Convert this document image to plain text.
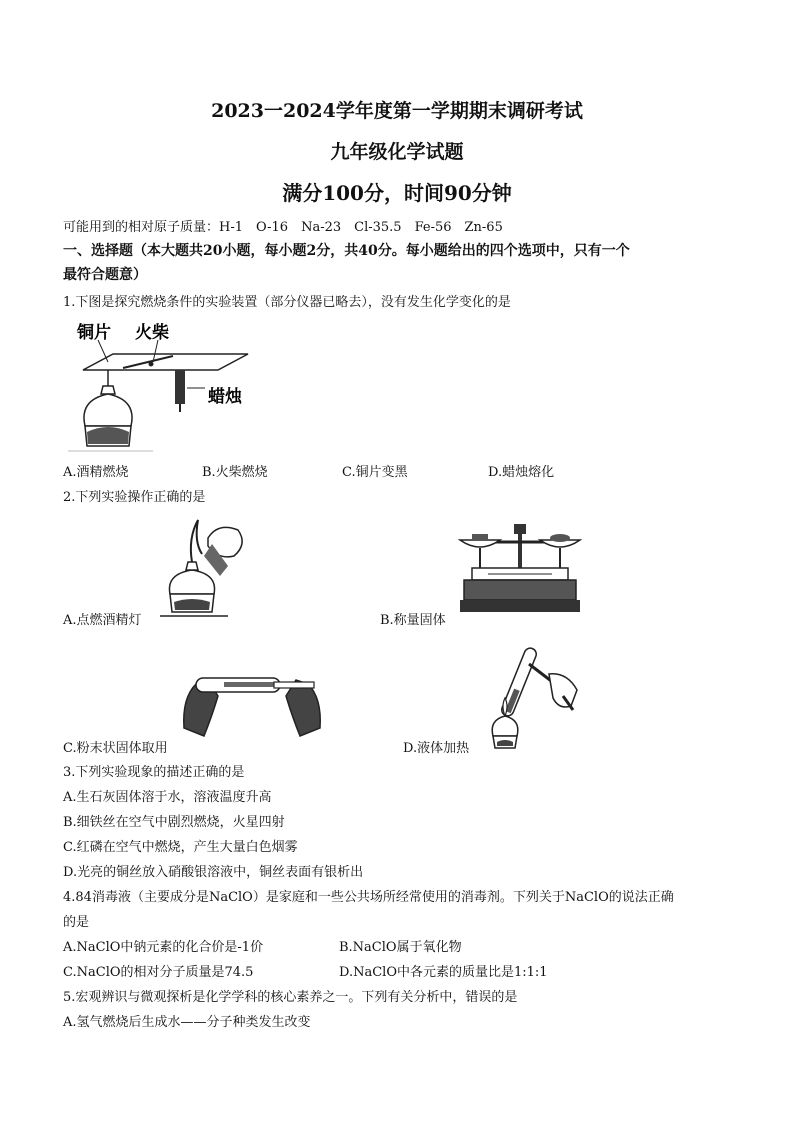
2023一2024学年度第一学期期末调研考试
九年级化学试题
满分100分，时间90分钟
可能用到的相对原子质量：H-1　O-16　Na-23　Cl-35.5　Fe-56　Zn-65
一、选择题（本大题共20小题，每小题2分，共40分。每小题给出的四个选项中，只有一个
最符合题意）
1.下图是探究燃烧条件的实验装置（部分仪器已略去），没有发生化学变化的是
铜片 火柴
蜡烛
A.酒精燃烧	B.火柴燃烧	C.铜片变黑	D.蜡烛熔化
2.下列实验操作正确的是
A.点燃酒精灯	B.称量固体
C.粉末状固体取用	D.液体加热
3.下列实验现象的描述正确的是
A.生石灰固体溶于水，溶液温度升高
B.细铁丝在空气中剧烈燃烧，火星四射
C.红磷在空气中燃烧，产生大量白色烟雾
D.光亮的铜丝放入硝酸银溶液中，铜丝表面有银析出
4.84消毒液（主要成分是NaClO）是家庭和一些公共场所经常使用的消毒剂。下列关于NaClO的说法正确
的是
A.NaClO中钠元素的化合价是-1价	B.NaClO属于氧化物
C.NaClO的相对分子质量是74.5	D.NaClO中各元素的质量比是1:1:1
5.宏观辨识与微观探析是化学学科的核心素养之一。下列有关分析中，错误的是
A.氢气燃烧后生成水——分子种类发生改变
